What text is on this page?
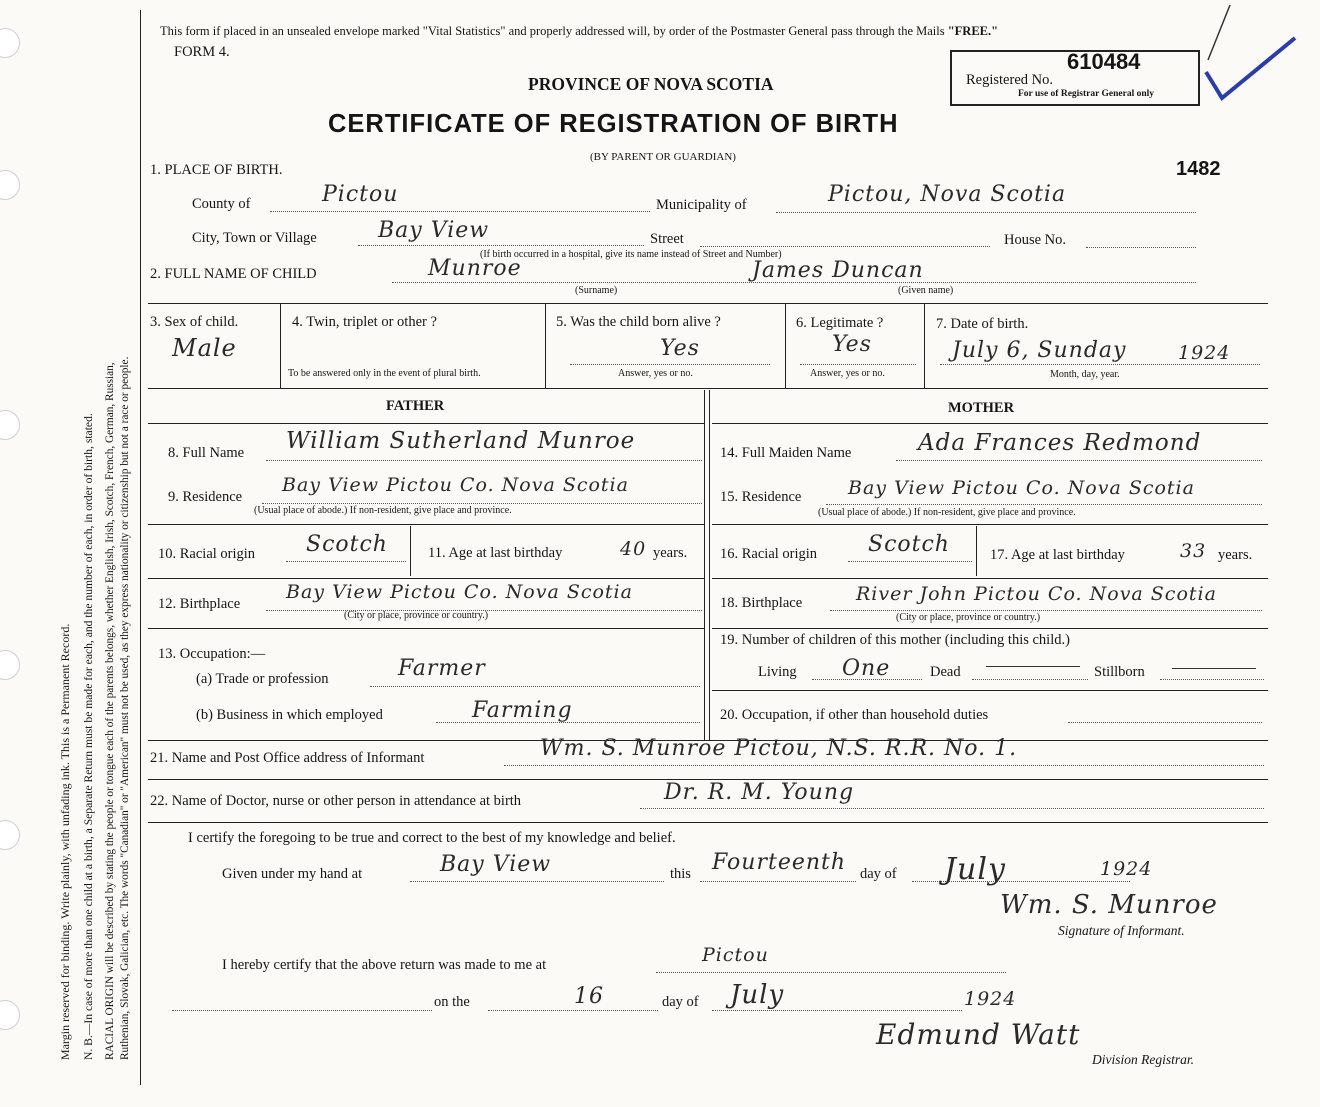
Margin reserved for binding. Write plainly, with unfading ink. This is a Permanent Record. N. B.—In case of more than one child at a birth, a Separate Return must be made for each, and the number of each, in order of birth, stated. RACIAL ORIGIN will be described by stating the people or tongue each of the parents belongs, whether English, Irish, Scotch, French, German, Russian, Ruthenian, Slovak, Galician, etc. The words "Canadian" or "American" must not be used, as they express nationality or citizenship but not a race or people.
This form if placed in an unsealed envelope marked "Vital Statistics" and properly addressed will, by order of the Postmaster General pass through the Mails "FREE."
FORM 4.
PROVINCE OF NOVA SCOTIA
CERTIFICATE OF REGISTRATION OF BIRTH
(BY PARENT OR GUARDIAN)
Registered No.
610484
For use of Registrar General only
1482
1. PLACE OF BIRTH.
County of	Pictou	Municipality of	Pictou, Nova Scotia
City, Town or Village	Bay View	Street	House No.
(If birth occurred in a hospital, give its name instead of Street and Number)
2. FULL NAME OF CHILD	Munroe
(Surname)
James Duncan
(Given name)
3. Sex of child.
Male
4. Twin, triplet or other ?
To be answered only in the event of plural birth.
5. Was the child born alive ?
Yes
Answer, yes or no.
6. Legitimate ?
Yes
Answer, yes or no.
7. Date of birth.
July 6, Sunday	1924
Month, day, year.
FATHER	MOTHER
8. Full Name William Sutherland Munroe	14. Full Maiden Name	Ada Frances Redmond
9. Residence
Bay View Pictou Co. Nova Scotia
(Usual place of abode.) If non-resident, give place and province.
15. Residence Bay View Pictou Co. Nova Scotia
(Usual place of abode.) If non-resident, give place and province.
10. Racial origin Scotch	11. Age at last birthday	40 years. 16. Racial origin Scotch	17. Age at last birthday	33 years.
12. Birthplace
Bay View Pictou Co. Nova Scotia
(City or place, province or country.)
18. Birthplace	River John Pictou Co. Nova Scotia
(City or place, province or country.)
13. Occupation:—
(a) Trade or profession	Farmer
(b) Business in which employed	Farming
19. Number of children of this mother (including this child.)
Living One	Dead	Stillborn
20. Occupation, if other than household duties
21. Name and Post Office address of Informant	Wm. S. Munroe Pictou, N.S. R.R. No. 1.
22. Name of Doctor, nurse or other person in attendance at birth	Dr. R. M. Young
I certify the foregoing to be true and correct to the best of my knowledge and belief.
Given under my hand at	Bay View	this Fourteenth day of July	1924
Wm. S. Munroe
Signature of Informant.
I hereby certify that the above return was made to me at	Pictou
on the	16	day of July	1924
Edmund Watt
Division Registrar.
